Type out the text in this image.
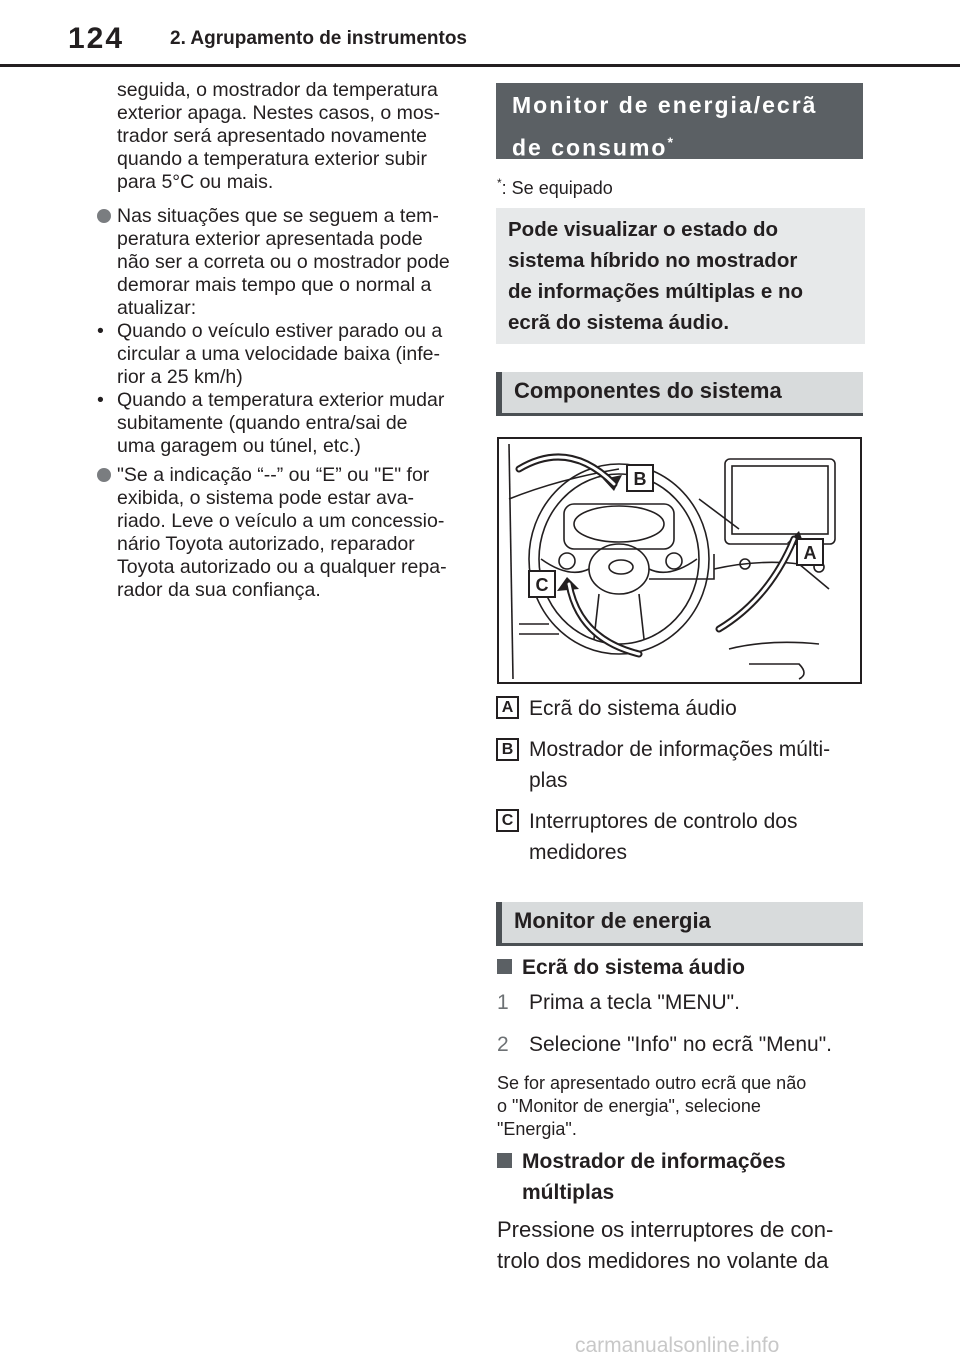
124 2. Agrupamento de instrumentos
seguida, o mostrador da temperatura
exterior apaga. Nestes casos, o mos-
trador será apresentado novamente
quando a temperatura exterior subir
para 5°C ou mais.
Nas situações que se seguem a tem-
peratura exterior apresentada pode
não ser a correta ou o mostrador pode
demorar mais tempo que o normal a
atualizar:
• Quando o veículo estiver parado ou a
circular a uma velocidade baixa (infe-
rior a 25 km/h)
• Quando a temperatura exterior mudar
subitamente (quando entra/sai de
uma garagem ou túnel, etc.)
"Se a indicação “--” ou “E” ou "E" for
exibida, o sistema pode estar ava-
riado. Leve o veículo a um concessio-
nário Toyota autorizado, reparador
Toyota autorizado ou a qualquer repa-
rador da sua confiança.
Monitor de energia/ecrã
de consumo*
*: Se equipado
Pode visualizar o estado do
sistema híbrido no mostrador
de informações múltiplas e no
ecrã do sistema áudio.
Componentes do sistema
B
A
C
A Ecrã do sistema áudio
B Mostrador de informações múlti-
plas
C Interruptores de controlo dos
medidores
Monitor de energia
Ecrã do sistema áudio
1 Prima a tecla "MENU".
2 Selecione "Info" no ecrã "Menu".
Se for apresentado outro ecrã que não
o "Monitor de energia", selecione
"Energia".
Mostrador de informações
múltiplas
Pressione os interruptores de con-
trolo dos medidores no volante da
carmanualsonline.info
